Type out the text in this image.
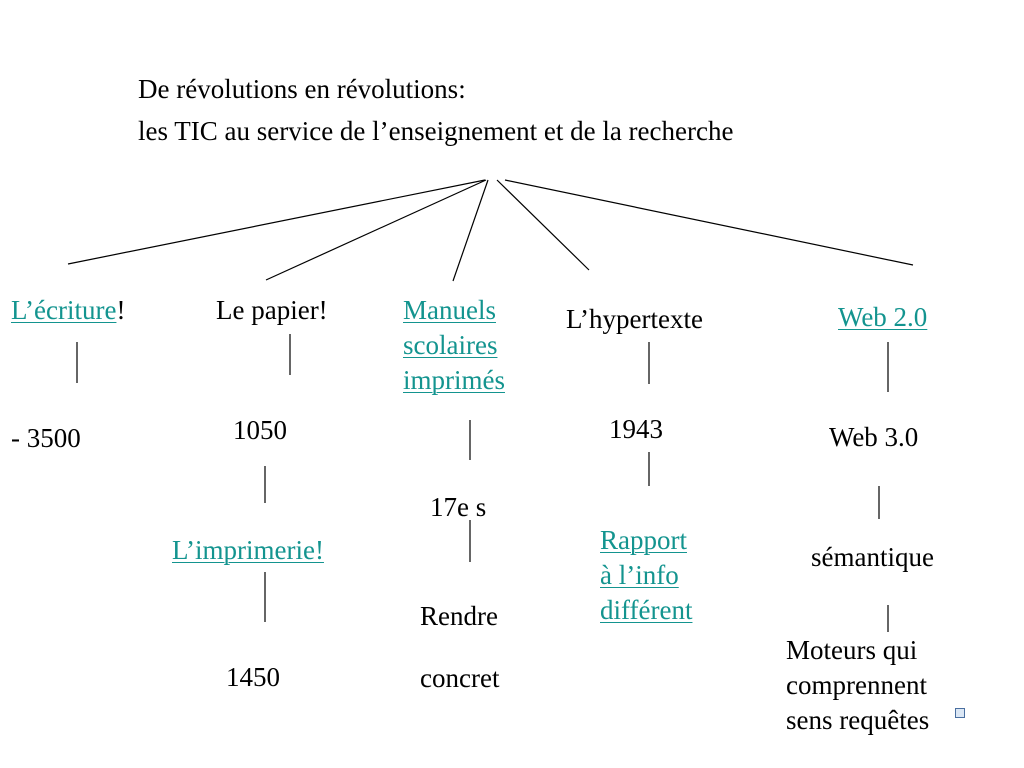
De révolutions en révolutions:
les TIC au service de l’enseignement et de la recherche
L’écriture!
- 3500
Le papier!
1050
L’imprimerie!
1450
Manuels
scolaires
imprimés
17e s
Rendre
concret
L’hypertexte
1943
Rapport
à l’info
différent
Web 2.0
Web 3.0
sémantique
Moteurs qui
comprennent
sens requêtes
